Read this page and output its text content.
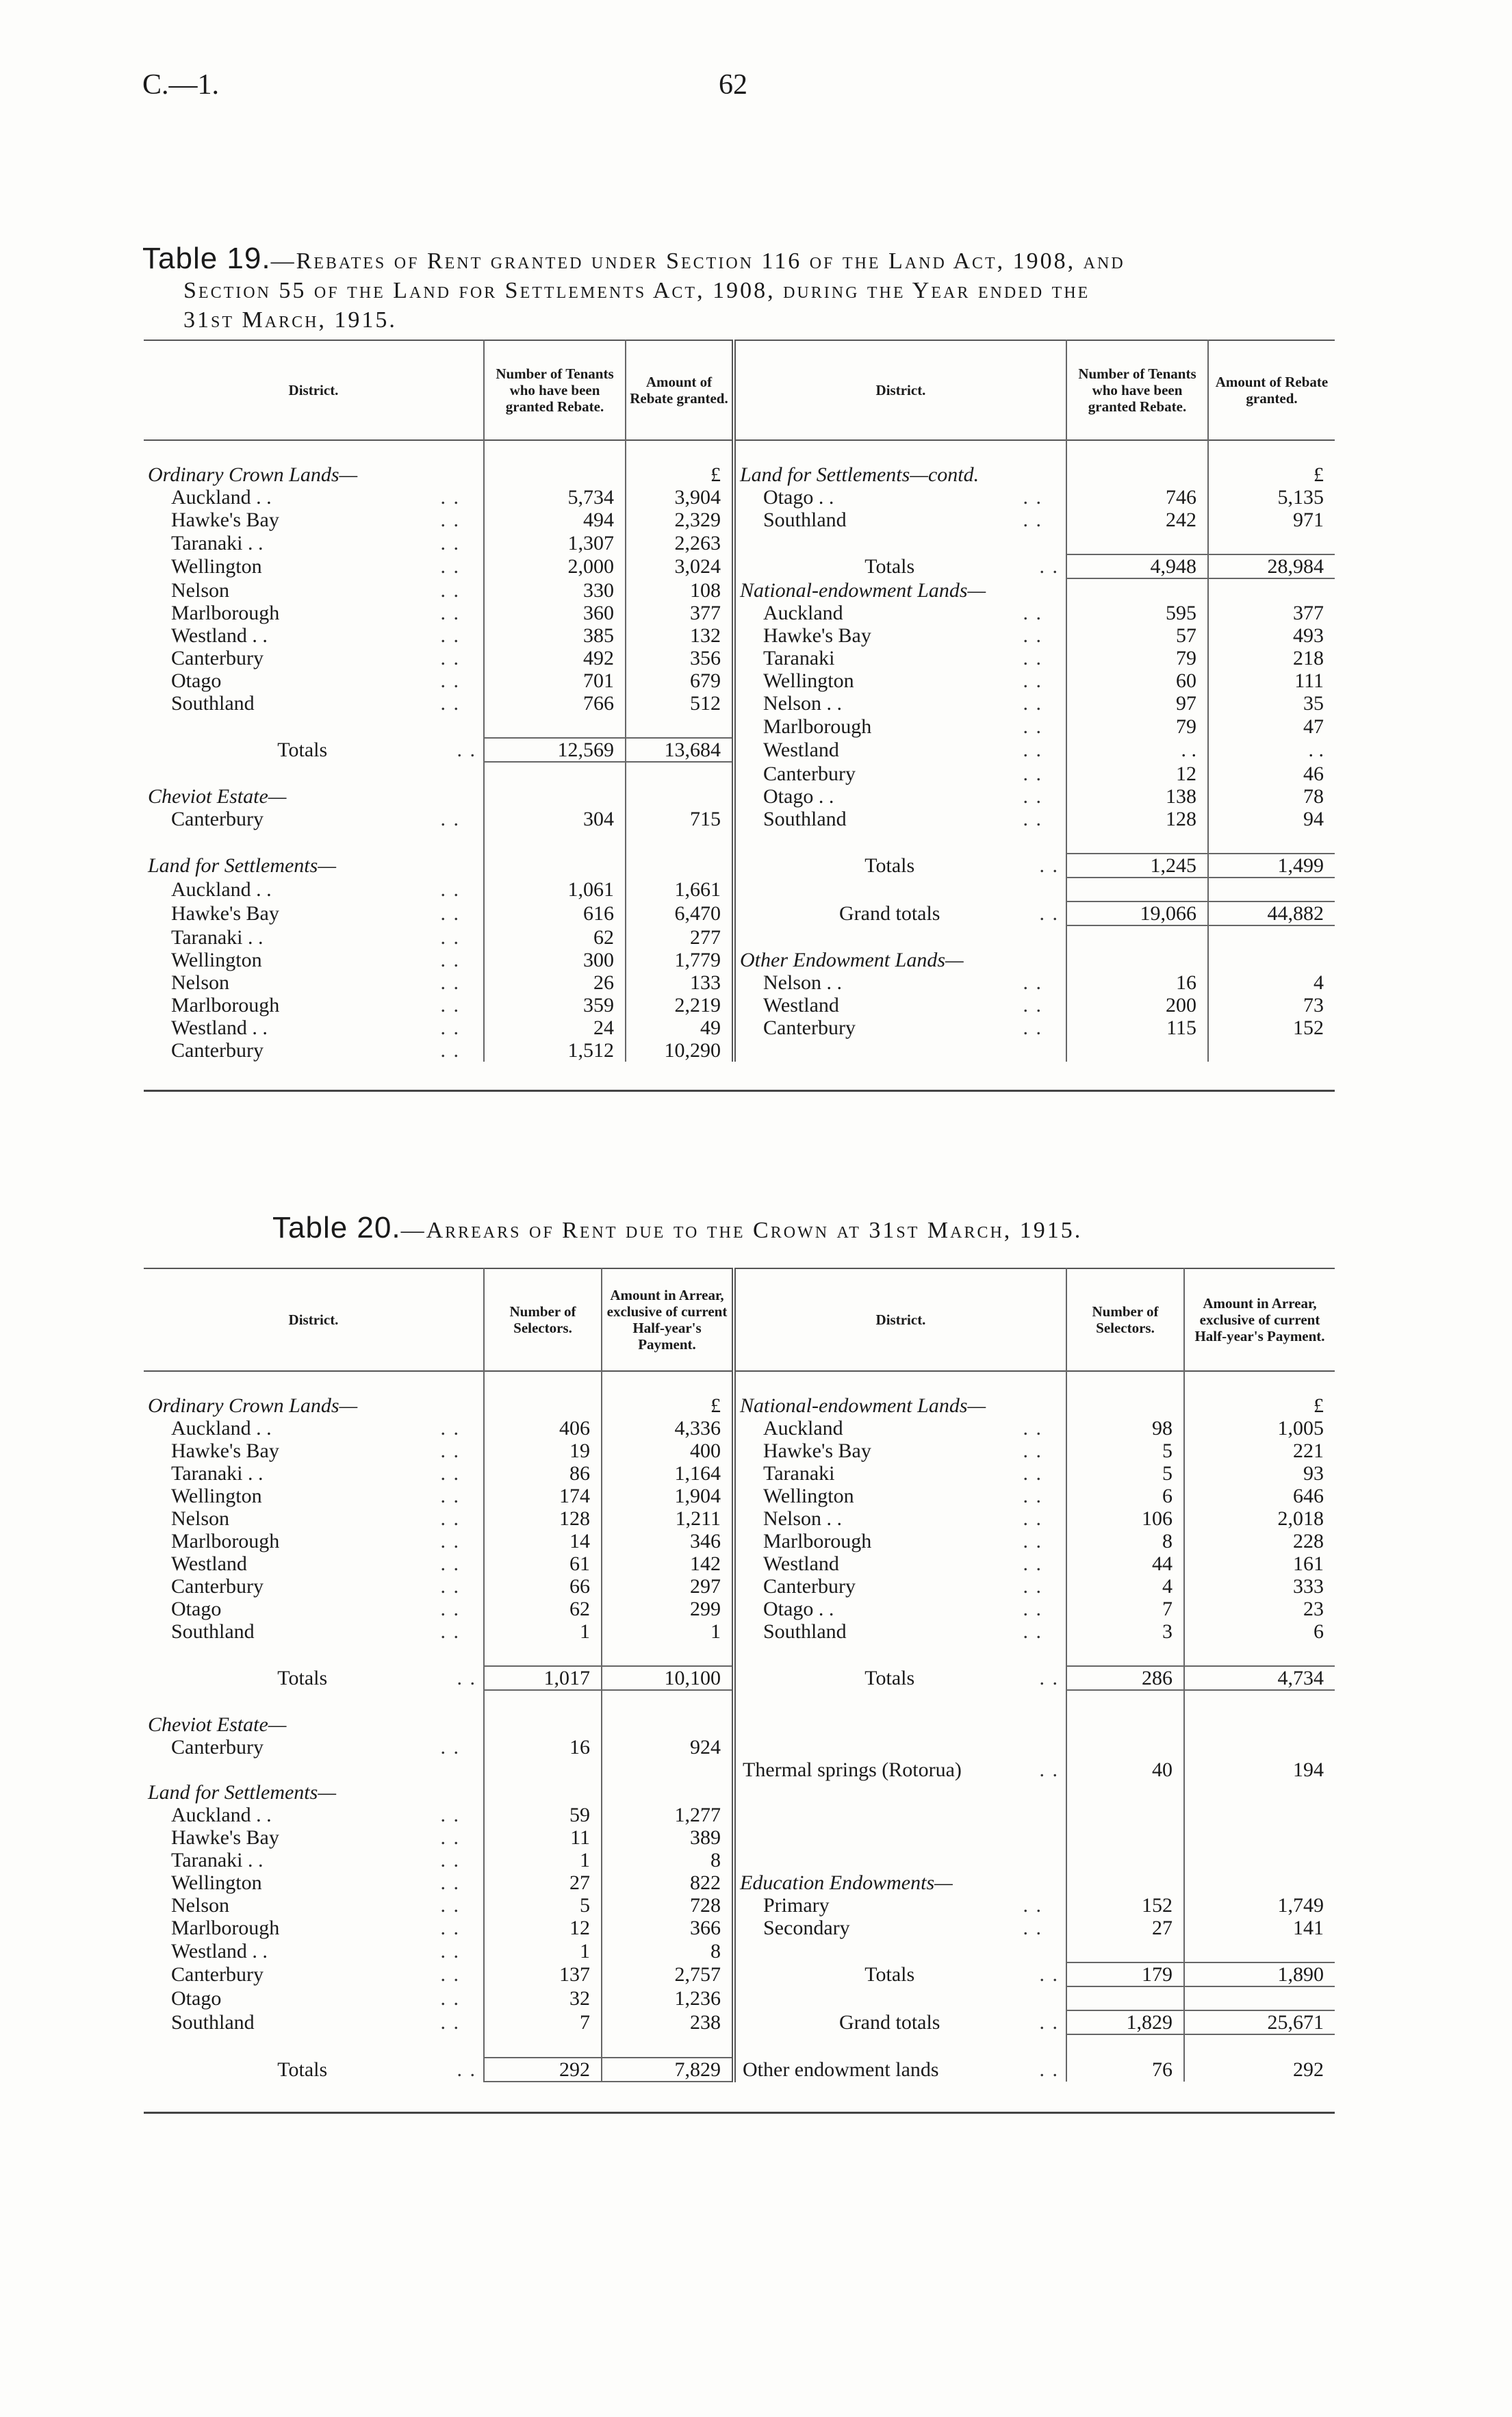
C.—1.	62
Table 19.—Rebates of Rent granted under Section 116 of the Land Act, 1908, and
Section 55 of the Land for Settlements Act, 1908, during the Year ended the
31st March, 1915.
District.	Number of Tenants who have been granted Rebate.	Amount of Rebate granted.	District.	Number of Tenants who have been granted Rebate.	Amount of Rebate granted.

Ordinary Crown Lands—		£	Land for Settlements—contd.		£
Auckland . . . .	5,734	3,904	Otago . . . .	746	5,135
Hawke's Bay . .	494	2,329	Southland . .	242	971
Taranaki . . . .	1,307	2,263			
Wellington . .	2,000	3,024	Totals . .	4,948	28,984
Nelson . .	330	108	National-endowment Lands—		
Marlborough . .	360	377	Auckland . .	595	377
Westland . . . .	385	132	Hawke's Bay . .	57	493
Canterbury . .	492	356	Taranaki . .	79	218
Otago . .	701	679	Wellington . .	60	111
Southland . .	766	512	Nelson . . . .	97	35
			Marlborough . .	79	47
Totals . .	12,569	13,684	Westland . .	. .	. .
			Canterbury . .	12	46
Cheviot Estate—			Otago . . . .	138	78
Canterbury . .	304	715	Southland . .	128	94

Land for Settlements—			Totals . .	1,245	1,499
Auckland . . . .	1,061	1,661			
Hawke's Bay . .	616	6,470	Grand totals . .	19,066	44,882
Taranaki . . . .	62	277			
Wellington . .	300	1,779	Other Endowment Lands—		
Nelson . .	26	133	Nelson . . . .	16	4
Marlborough . .	359	2,219	Westland . .	200	73
Westland . . . .	24	49	Canterbury . .	115	152
Canterbury . .	1,512	10,290			
Table 20.—Arrears of Rent due to the Crown at 31st March, 1915.
District.	Number of Selectors.	Amount in Arrear, exclusive of current Half-year's Payment.	District.	Number of Selectors.	Amount in Arrear, exclusive of current Half-year's Payment.

Ordinary Crown Lands—		£	National-endowment Lands—		£
Auckland . . . .	406	4,336	Auckland . .	98	1,005
Hawke's Bay . .	19	400	Hawke's Bay . .	5	221
Taranaki . . . .	86	1,164	Taranaki . .	5	93
Wellington . .	174	1,904	Wellington . .	6	646
Nelson . .	128	1,211	Nelson . . . .	106	2,018
Marlborough . .	14	346	Marlborough . .	8	228
Westland . .	61	142	Westland . .	44	161
Canterbury . .	66	297	Canterbury . .	4	333
Otago . .	62	299	Otago . . . .	7	23
Southland . .	1	1	Southland . .	3	6

Totals . .	1,017	10,100	Totals . .	286	4,734

Cheviot Estate—					
Canterbury . .	16	924			
			Thermal springs (Rotorua) . .	40	194
Land for Settlements—					
Auckland . . . .	59	1,277			
Hawke's Bay . .	11	389			
Taranaki . . . .	1	8			
Wellington . .	27	822	Education Endowments—		
Nelson . .	5	728	Primary . .	152	1,749
Marlborough . .	12	366	Secondary . .	27	141
Westland . . . .	1	8			
Canterbury . .	137	2,757	Totals . .	179	1,890
Otago . .	32	1,236			
Southland . .	7	238	Grand totals . .	1,829	25,671

Totals . .	292	7,829	Other endowment lands . .	76	292
